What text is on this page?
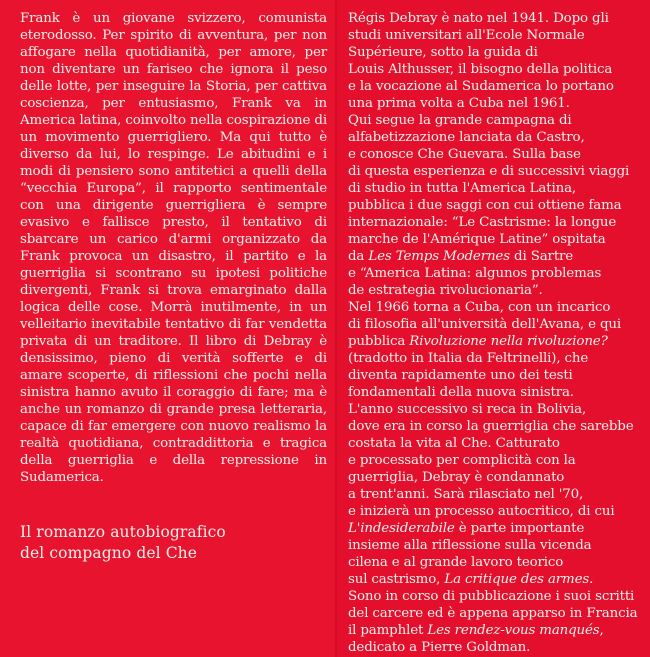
Frank è un giovane svizzero, comunista eterodosso. Per spirito di avventura, per non affogare nella quotidianità, per amore, per non diventare un fariseo che ignora il peso delle lotte, per inseguire la Storia, per cattiva coscienza, per entusiasmo, Frank va in America latina, coinvolto nella cospirazione di un movimento guerrigliero. Ma qui tutto è diverso da lui, lo respinge. Le abitudini e i modi di pensiero sono antitetici a quelli della “vecchia Europa”, il rapporto sentimentale con una dirigente guerrigliera è sempre evasivo e fallisce presto, il tentativo di sbarcare un carico d'armi organizzato da Frank provoca un disastro, il partito e la guerriglia si scontrano su ipotesi politiche divergenti, Frank si trova emarginato dalla logica delle cose. Morrà inutilmente, in un velleitario inevitabile tentativo di far vendetta privata di un traditore. Il libro di Debray è densissimo, pieno di verità sofferte e di amare scoperte, di riflessioni che pochi nella sinistra hanno avuto il coraggio di fare; ma è anche un romanzo di grande presa letteraria, capace di far emergere con nuovo realismo la realtà quotidiana, contraddittoria e tragica della guerriglia e della repressione in Sudamerica.

Il romanzo autobiografico
del compagno del Che
Régis Debray è nato nel 1941. Dopo gli
studi universitari all'Ecole Normale
Supérieure, sotto la guida di
Louis Althusser, il bisogno della politica
e la vocazione al Sudamerica lo portano
una prima volta a Cuba nel 1961.
Qui segue la grande campagna di
alfabetizzazione lanciata da Castro,
e conosce Che Guevara. Sulla base
di questa esperienza e di successivi viaggi
di studio in tutta l'America Latina,
pubblica i due saggi con cui ottiene fama
internazionale: “Le Castrisme: la longue
marche de l'Amérique Latine” ospitata
da Les Temps Modernes di Sartre
e “America Latina: algunos problemas
de estrategia rivolucionaria”.
Nel 1966 torna a Cuba, con un incarico
di filosofia all'università dell'Avana, e qui
pubblica Rivoluzione nella rivoluzione?
(tradotto in Italia da Feltrinelli), che
diventa rapidamente uno dei testi
fondamentali della nuova sinistra.
L'anno successivo si reca in Bolivia,
dove era in corso la guerriglia che sarebbe
costata la vita al Che. Catturato
e processato per complicità con la
guerriglia, Debray è condannato
a trent'anni. Sarà rilasciato nel '70,
e inizierà un processo autocritico, di cui
L'indesiderabile è parte importante
insieme alla riflessione sulla vicenda
cilena e al grande lavoro teorico
sul castrismo, La critique des armes.
Sono in corso di pubblicazione i suoi scritti
del carcere ed è appena apparso in Francia
il pamphlet Les rendez-vous manqués,
dedicato a Pierre Goldman.
